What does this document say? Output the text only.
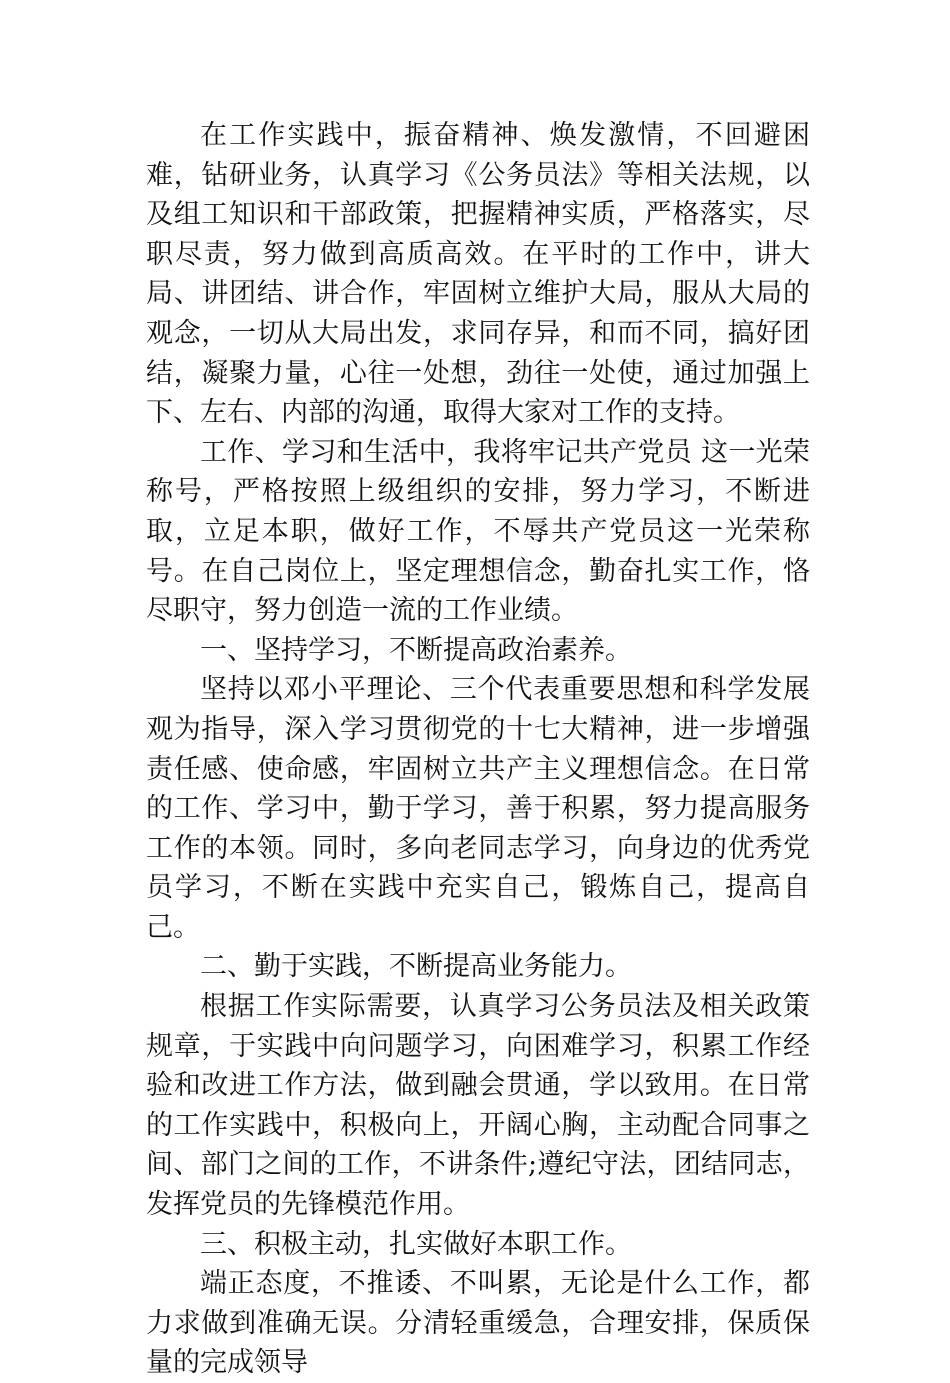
在工作实践中，振奋精神、焕发激情，不回避困难，钻研业务，认真学习《公务员法》等相关法规，以及组工知识和干部政策，把握精神实质，严格落实，尽职尽责，努力做到高质高效。在平时的工作中，讲大局、讲团结、讲合作，牢固树立维护大局，服从大局的观念，一切从大局出发，求同存异，和而不同，搞好团结，凝聚力量，心往一处想，劲往一处使，通过加强上下、左右、内部的沟通，取得大家对工作的支持。

工作、学习和生活中，我将牢记共产党员 这一光荣称号，严格按照上级组织的安排，努力学习，不断进取，立足本职，做好工作，不辱共产党员这一光荣称号。在自己岗位上，坚定理想信念，勤奋扎实工作，恪尽职守，努力创造一流的工作业绩。

一、坚持学习，不断提高政治素养。

坚持以邓小平理论、三个代表重要思想和科学发展观为指导，深入学习贯彻党的十七大精神，进一步增强责任感、使命感，牢固树立共产主义理想信念。在日常的工作、学习中，勤于学习，善于积累，努力提高服务工作的本领。同时，多向老同志学习，向身边的优秀党员学习，不断在实践中充实自己，锻炼自己，提高自己。

二、勤于实践，不断提高业务能力。

根据工作实际需要，认真学习公务员法及相关政策规章，于实践中向问题学习，向困难学习，积累工作经验和改进工作方法，做到融会贯通，学以致用。在日常的工作实践中，积极向上，开阔心胸，主动配合同事之间、部门之间的工作，不讲条件;遵纪守法，团结同志，发挥党员的先锋模范作用。

三、积极主动，扎实做好本职工作。

端正态度，不推诿、不叫累，无论是什么工作，都力求做到准确无误。分清轻重缓急，合理安排，保质保量的完成领导
